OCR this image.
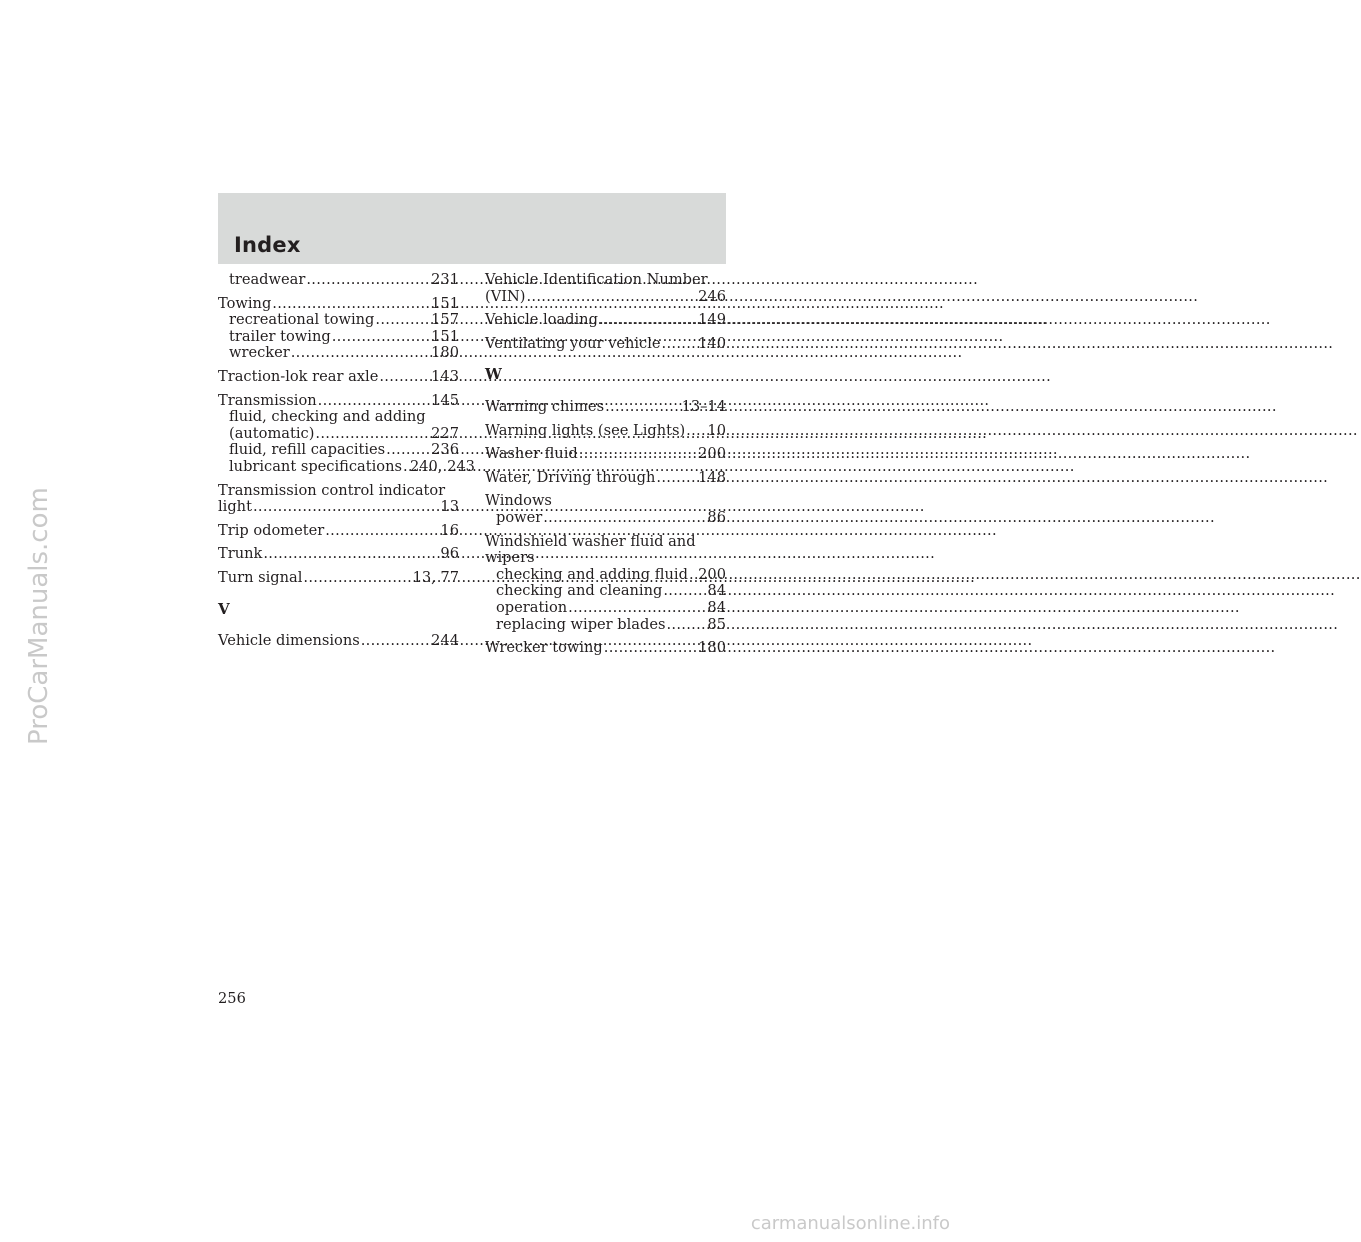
Index
treadwear .....	231
Towing .....	151
recreational towing .....	157
trailer towing .....	151
wrecker .....	180
Traction-lok rear axle .....	143
Transmission .....	145
fluid, checking and adding
(automatic) .....	227
fluid, refill capacities .....	236
lubricant specifications ..... 240, 243
Transmission control indicator
light .....	13
Trip odometer .....	16
Trunk .....	96
Turn signal .....	13, 77
V
Vehicle dimensions .....	244
Vehicle Identification Number
(VIN) .....	246
Vehicle loading .....	149
Ventilating your vehicle .....	140
W
Warning chimes .....	13–14
Warning lights (see Lights) ..... 10
Washer fluid .....	200
Water, Driving through .....	148
Windows
power .....	86
Windshield washer fluid and
wipers
checking and adding fluid ..... 200
checking and cleaning .....	84
operation .....	84
replacing wiper blades .....	85
Wrecker towing .....	180
256
ProCarManuals.com
carmanualsonline.info
